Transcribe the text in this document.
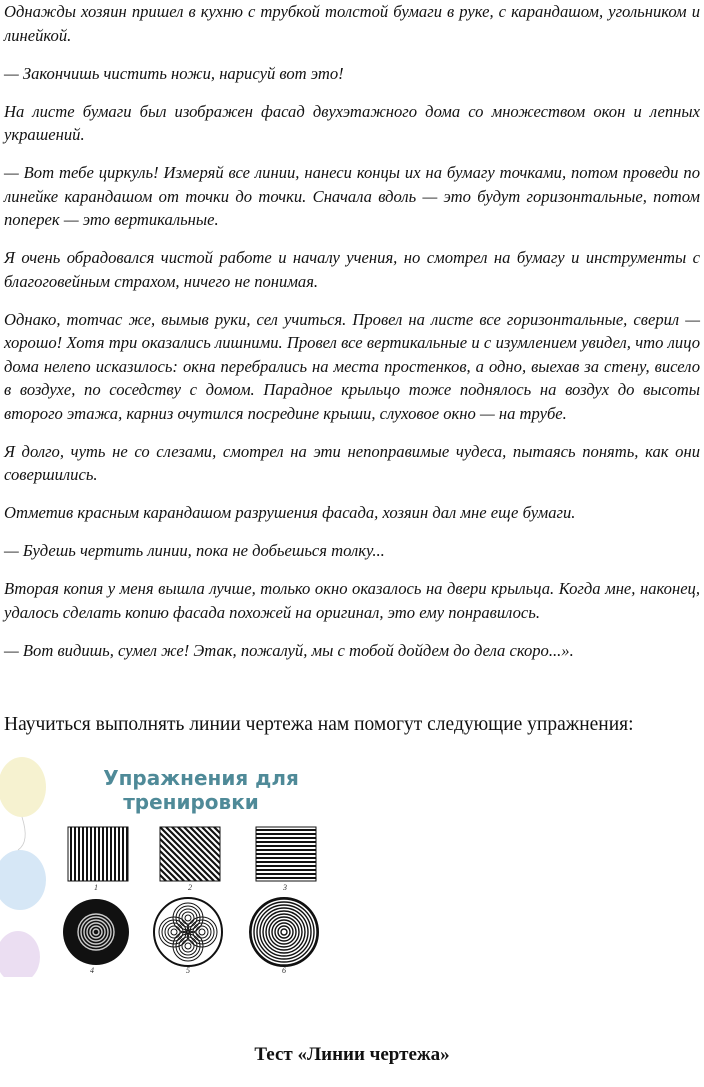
Однажды хозяин пришел в кухню с трубкой толстой бумаги в руке, с карандашом, угольником и линейкой.

— Закончишь чистить ножи, нарисуй вот это!

На листе бумаги был изображен фасад двухэтажного дома со множеством окон и лепных украшений.

— Вот тебе циркуль! Измеряй все линии, нанеси концы их на бумагу точками, потом проведи по линейке карандашом от точки до точки. Сначала вдоль — это будут горизонтальные, потом поперек — это вертикальные.

Я очень обрадовался чистой работе и началу учения, но смотрел на бумагу и инструменты с благоговейным страхом, ничего не понимая.

Однако, тотчас же, вымыв руки, сел учиться. Провел на листе все горизонтальные, сверил — хорошо! Хотя три оказались лишними. Провел все вертикальные и с изумлением увидел, что лицо дома нелепо исказилось: окна перебрались на места простенков, а одно, выехав за стену, висело в воздухе, по соседству с домом. Парадное крыльцо тоже поднялось на воздух до высоты второго этажа, карниз очутился посредине крыши, слуховое окно — на трубе.

Я долго, чуть не со слезами, смотрел на эти непоправимые чудеса, пытаясь понять, как они совершились.

Отметив красным карандашом разрушения фасада, хозяин дал мне еще бумаги.

— Будешь чертить линии, пока не добьешься толку...

Вторая копия у меня вышла лучше, только окно оказалось на двери крыльца. Когда мне, наконец, удалось сделать копию фасада похожей на оригинал, это ему понравилось.

— Вот видишь, сумел же! Этак, пожалуй, мы с тобой дойдем до дела скоро...».

Научиться выполнять линии чертежа нам помогут следующие упражнения:

Упражнения для
тренировки
1	2	3
4	5	6
Тест «Линии чертежа»
